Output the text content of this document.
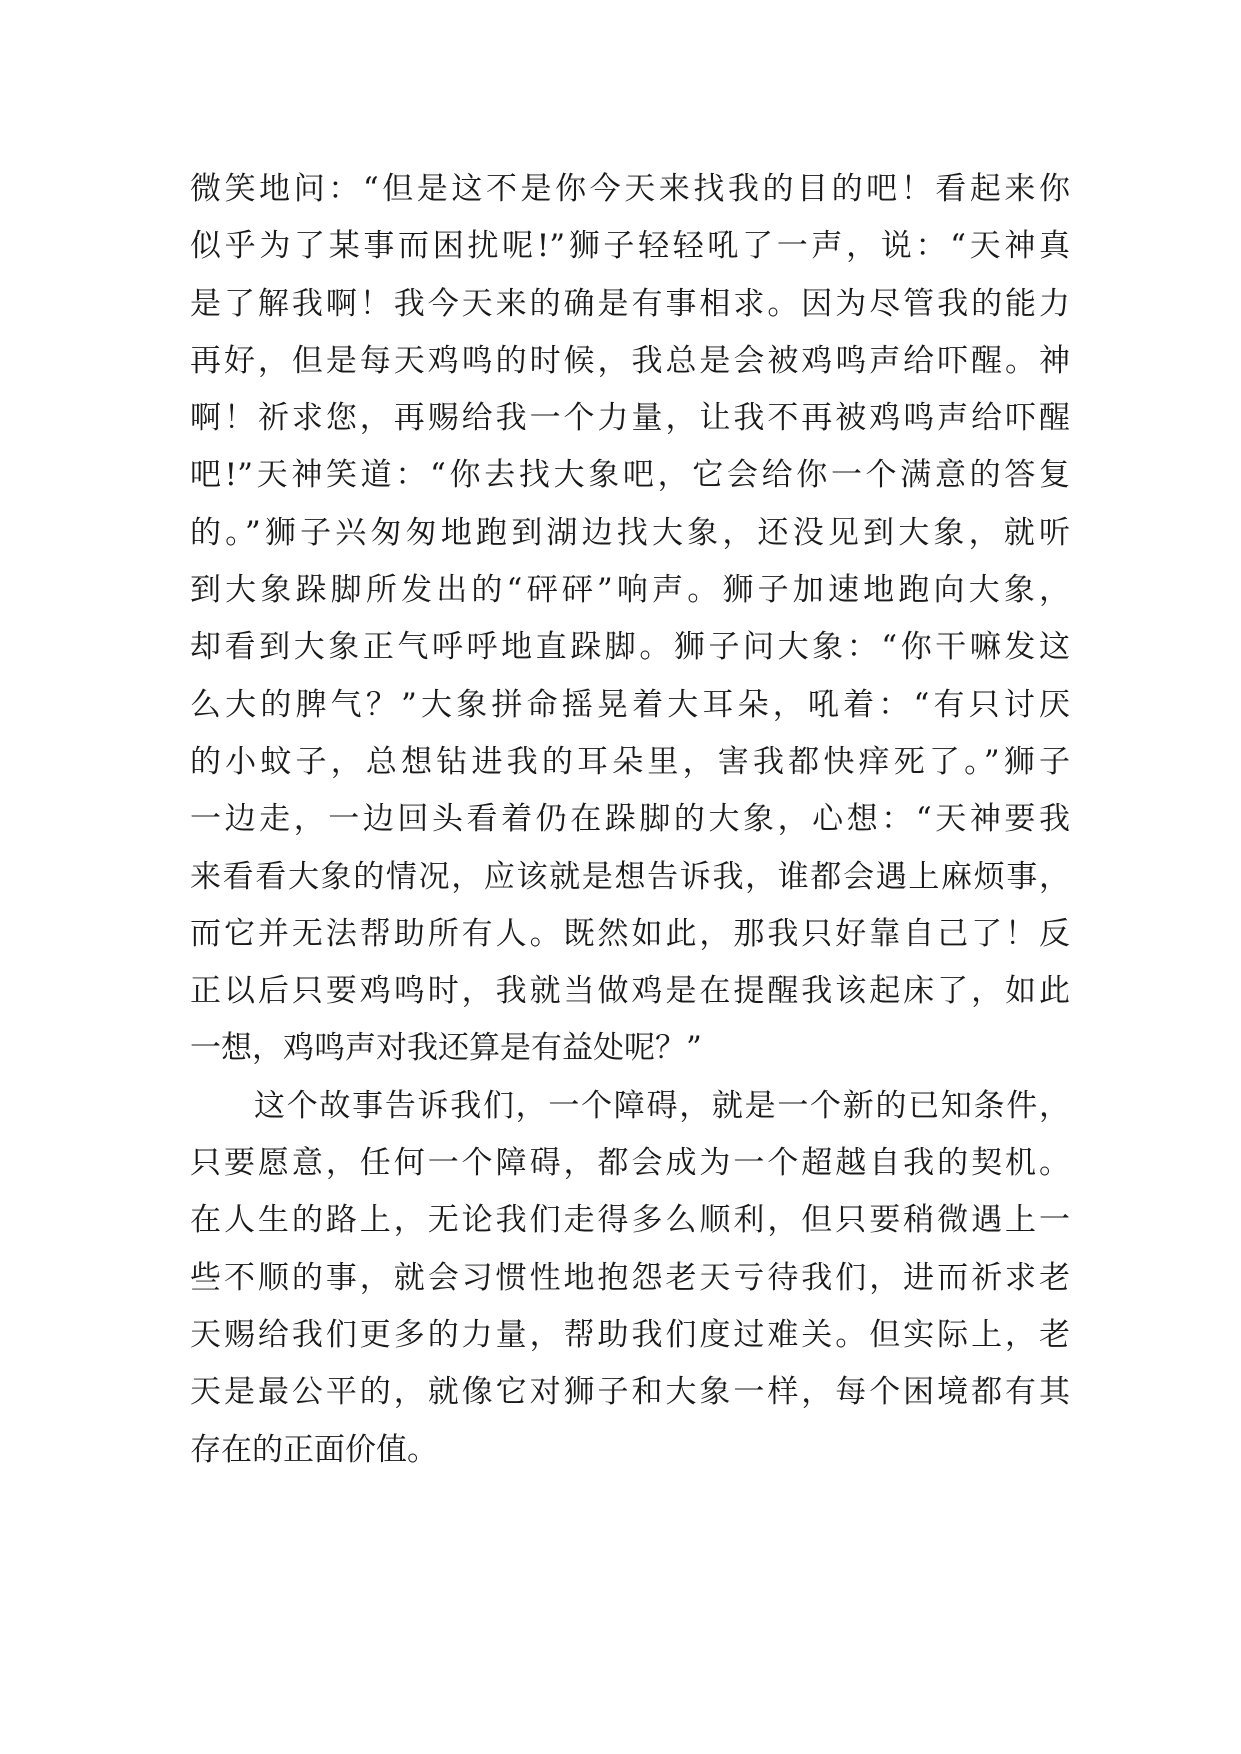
微笑地问：“但是这不是你今天来找我的目的吧！看起来你
似乎为了某事而困扰呢!”狮子轻轻吼了一声，说：“天神真
是了解我啊！我今天来的确是有事相求。因为尽管我的能力
再好，但是每天鸡鸣的时候，我总是会被鸡鸣声给吓醒。神
啊！祈求您，再赐给我一个力量，让我不再被鸡鸣声给吓醒
吧!”天神笑道：“你去找大象吧，它会给你一个满意的答复
的。”狮子兴匆匆地跑到湖边找大象，还没见到大象，就听
到大象跺脚所发出的“砰砰”响声。狮子加速地跑向大象，
却看到大象正气呼呼地直跺脚。狮子问大象：“你干嘛发这
么大的脾气？”大象拼命摇晃着大耳朵，吼着：“有只讨厌
的小蚊子，总想钻进我的耳朵里，害我都快痒死了。”狮子
一边走，一边回头看着仍在跺脚的大象，心想：“天神要我
来看看大象的情况，应该就是想告诉我，谁都会遇上麻烦事，
而它并无法帮助所有人。既然如此，那我只好靠自己了！反
正以后只要鸡鸣时，我就当做鸡是在提醒我该起床了，如此
一想，鸡鸣声对我还算是有益处呢？”
这个故事告诉我们，一个障碍，就是一个新的已知条件，
只要愿意，任何一个障碍，都会成为一个超越自我的契机。
在人生的路上，无论我们走得多么顺利，但只要稍微遇上一
些不顺的事，就会习惯性地抱怨老天亏待我们，进而祈求老
天赐给我们更多的力量，帮助我们度过难关。但实际上，老
天是最公平的，就像它对狮子和大象一样，每个困境都有其
存在的正面价值。
